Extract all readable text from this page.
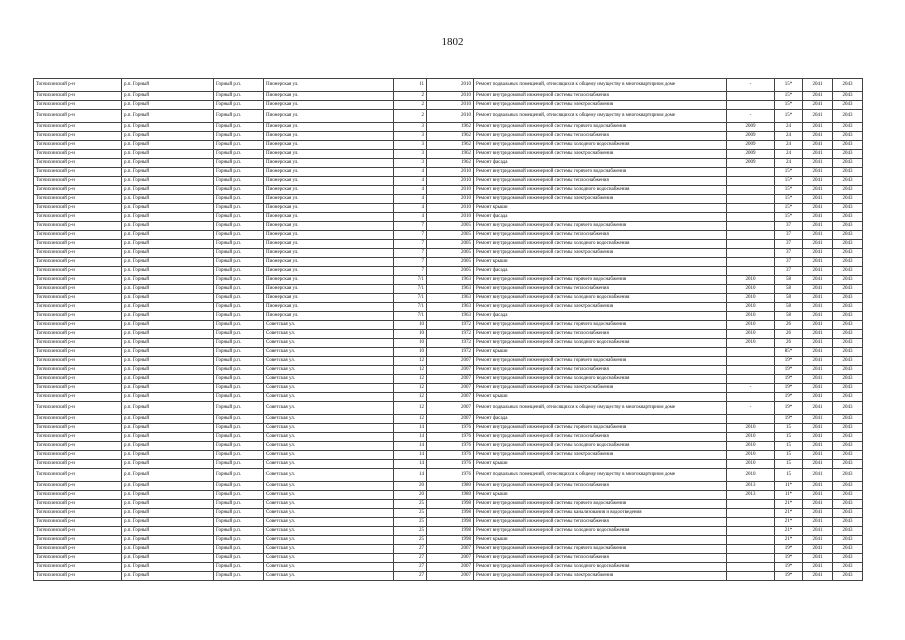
1802
Топчихинский р-н	р.п. Горный	Горный р.п.	Пионерская ул.	11	2010	Ремонт подвальных помещений, относящихся к общему имуществу в многоквартирном доме	-	15*	2041	2043
Топчихинский р-н	р.п. Горный	Горный р.п.	Пионерская ул.	2	2010	Ремонт внутридомовой инженерной системы теплоснабжения		15*	2041	2043
Топчихинский р-н	р.п. Горный	Горный р.п.	Пионерская ул.	2	2010	Ремонт внутридомовой инженерной системы электроснабжения		15*	2041	2043
Топчихинский р-н	р.п. Горный	Горный р.п.	Пионерская ул.	2	2010	Ремонт подвальных помещений, относящихся к общему имуществу в многоквартирном доме	-	15*	2041	2043
Топчихинский р-н	р.п. Горный	Горный р.п.	Пионерская ул.	3	1962	Ремонт внутридомовой инженерной системы горячего водоснабжения	2009	24	2041	2043
Топчихинский р-н	р.п. Горный	Горный р.п.	Пионерская ул.	3	1962	Ремонт внутридомовой инженерной системы теплоснабжения	2009	24	2041	2043
Топчихинский р-н	р.п. Горный	Горный р.п.	Пионерская ул.	3	1962	Ремонт внутридомовой инженерной системы холодного водоснабжения	2009	24	2041	2043
Топчихинский р-н	р.п. Горный	Горный р.п.	Пионерская ул.	3	1962	Ремонт внутридомовой инженерной системы электроснабжения	2009	24	2041	2043
Топчихинский р-н	р.п. Горный	Горный р.п.	Пионерская ул.	3	1962	Ремонт фасада	2009	24	2041	2043
Топчихинский р-н	р.п. Горный	Горный р.п.	Пионерская ул.	4	2010	Ремонт внутридомовой инженерной системы горячего водоснабжения		15*	2041	2043
Топчихинский р-н	р.п. Горный	Горный р.п.	Пионерская ул.	4	2010	Ремонт внутридомовой инженерной системы теплоснабжения		15*	2041	2043
Топчихинский р-н	р.п. Горный	Горный р.п.	Пионерская ул.	4	2010	Ремонт внутридомовой инженерной системы холодного водоснабжения		15*	2041	2043
Топчихинский р-н	р.п. Горный	Горный р.п.	Пионерская ул.	4	2010	Ремонт внутридомовой инженерной системы электроснабжения		15*	2041	2043
Топчихинский р-н	р.п. Горный	Горный р.п.	Пионерская ул.	4	2010	Ремонт крыши		15*	2041	2043
Топчихинский р-н	р.п. Горный	Горный р.п.	Пионерская ул.	4	2010	Ремонт фасада		15*	2041	2043
Топчихинский р-н	р.п. Горный	Горный р.п.	Пионерская ул.	7	2005	Ремонт внутридомовой инженерной системы горячего водоснабжения		37	2041	2043
Топчихинский р-н	р.п. Горный	Горный р.п.	Пионерская ул.	7	2005	Ремонт внутридомовой инженерной системы теплоснабжения		37	2041	2043
Топчихинский р-н	р.п. Горный	Горный р.п.	Пионерская ул.	7	2005	Ремонт внутридомовой инженерной системы холодного водоснабжения		37	2041	2043
Топчихинский р-н	р.п. Горный	Горный р.п.	Пионерская ул.	7	2005	Ремонт внутридомовой инженерной системы электроснабжения		37	2041	2043
Топчихинский р-н	р.п. Горный	Горный р.п.	Пионерская ул.	7	2005	Ремонт крыши		37	2041	2043
Топчихинский р-н	р.п. Горный	Горный р.п.	Пионерская ул.	7	2005	Ремонт фасада		37	2041	2043
Топчихинский р-н	р.п. Горный	Горный р.п.	Пионерская ул.	7/1	1963	Ремонт внутридомовой инженерной системы горячего водоснабжения	2010	58	2041	2043
Топчихинский р-н	р.п. Горный	Горный р.п.	Пионерская ул.	7/1	1963	Ремонт внутридомовой инженерной системы теплоснабжения	2010	58	2041	2043
Топчихинский р-н	р.п. Горный	Горный р.п.	Пионерская ул.	7/1	1963	Ремонт внутридомовой инженерной системы холодного водоснабжения	2010	58	2041	2043
Топчихинский р-н	р.п. Горный	Горный р.п.	Пионерская ул.	7/1	1963	Ремонт внутридомовой инженерной системы электроснабжения	2010	58	2041	2043
Топчихинский р-н	р.п. Горный	Горный р.п.	Пионерская ул.	7/1	1963	Ремонт фасада	2010	58	2041	2043
Топчихинский р-н	р.п. Горный	Горный р.п.	Советская ул.	10	1972	Ремонт внутридомовой инженерной системы горячего водоснабжения	2010	26	2041	2043
Топчихинский р-н	р.п. Горный	Горный р.п.	Советская ул.	10	1972	Ремонт внутридомовой инженерной системы теплоснабжения	2010	26	2041	2043
Топчихинский р-н	р.п. Горный	Горный р.п.	Советская ул.	10	1972	Ремонт внутридомовой инженерной системы холодного водоснабжения	2010	26	2041	2043
Топчихинский р-н	р.п. Горный	Горный р.п.	Советская ул.	10	1972	Ремонт крыши		85*	2041	2043
Топчихинский р-н	р.п. Горный	Горный р.п.	Советская ул.	12	2007	Ремонт внутридомовой инженерной системы горячего водоснабжения		19*	2041	2043
Топчихинский р-н	р.п. Горный	Горный р.п.	Советская ул.	12	2007	Ремонт внутридомовой инженерной системы теплоснабжения		19*	2041	2043
Топчихинский р-н	р.п. Горный	Горный р.п.	Советская ул.	12	2007	Ремонт внутридомовой инженерной системы холодного водоснабжения		19*	2041	2043
Топчихинский р-н	р.п. Горный	Горный р.п.	Советская ул.	12	2007	Ремонт внутридомовой инженерной системы электроснабжения	-	19*	2041	2043
Топчихинский р-н	р.п. Горный	Горный р.п.	Советская ул.	12	2007	Ремонт крыши		19*	2041	2043
Топчихинский р-н	р.п. Горный	Горный р.п.	Советская ул.	12	2007	Ремонт подвальных помещений, относящихся к общему имуществу в многоквартирном доме	-	19*	2041	2043
Топчихинский р-н	р.п. Горный	Горный р.п.	Советская ул.	12	2007	Ремонт фасада		19*	2041	2043
Топчихинский р-н	р.п. Горный	Горный р.п.	Советская ул.	14	1976	Ремонт внутридомовой инженерной системы горячего водоснабжения	2010	15	2041	2043
Топчихинский р-н	р.п. Горный	Горный р.п.	Советская ул.	14	1976	Ремонт внутридомовой инженерной системы теплоснабжения	2010	15	2041	2043
Топчихинский р-н	р.п. Горный	Горный р.п.	Советская ул.	14	1976	Ремонт внутридомовой инженерной системы холодного водоснабжения	2010	15	2041	2043
Топчихинский р-н	р.п. Горный	Горный р.п.	Советская ул.	14	1976	Ремонт внутридомовой инженерной системы электроснабжения	2010	15	2041	2043
Топчихинский р-н	р.п. Горный	Горный р.п.	Советская ул.	14	1976	Ремонт крыши	2010	15	2041	2043
Топчихинский р-н	р.п. Горный	Горный р.п.	Советская ул.	14	1976	Ремонт подвальных помещений, относящихся к общему имуществу в многоквартирном доме	2010	15	2041	2043
Топчихинский р-н	р.п. Горный	Горный р.п.	Советская ул.	20	1980	Ремонт внутридомовой инженерной системы теплоснабжения	2013	11*	2041	2043
Топчихинский р-н	р.п. Горный	Горный р.п.	Советская ул.	20	1980	Ремонт крыши	2013	11*	2041	2043
Топчихинский р-н	р.п. Горный	Горный р.п.	Советская ул.	25	1998	Ремонт внутридомовой инженерной системы горячего водоснабжения		21*	2041	2043
Топчихинский р-н	р.п. Горный	Горный р.п.	Советская ул.	25	1998	Ремонт внутридомовой инженерной системы канализования и водоотведения		21*	2041	2043
Топчихинский р-н	р.п. Горный	Горный р.п.	Советская ул.	25	1998	Ремонт внутридомовой инженерной системы теплоснабжения		21*	2041	2043
Топчихинский р-н	р.п. Горный	Горный р.п.	Советская ул.	25	1998	Ремонт внутридомовой инженерной системы холодного водоснабжения		21*	2041	2043
Топчихинский р-н	р.п. Горный	Горный р.п.	Советская ул.	25	1998	Ремонт крыши		21*	2041	2043
Топчихинский р-н	р.п. Горный	Горный р.п.	Советская ул.	27	2007	Ремонт внутридомовой инженерной системы горячего водоснабжения		19*	2041	2043
Топчихинский р-н	р.п. Горный	Горный р.п.	Советская ул.	27	2007	Ремонт внутридомовой инженерной системы теплоснабжения		19*	2041	2043
Топчихинский р-н	р.п. Горный	Горный р.п.	Советская ул.	27	2007	Ремонт внутридомовой инженерной системы холодного водоснабжения		19*	2041	2043
Топчихинский р-н	р.п. Горный	Горный р.п.	Советская ул.	27	2007	Ремонт внутридомовой инженерной системы электроснабжения		19*	2041	2043
